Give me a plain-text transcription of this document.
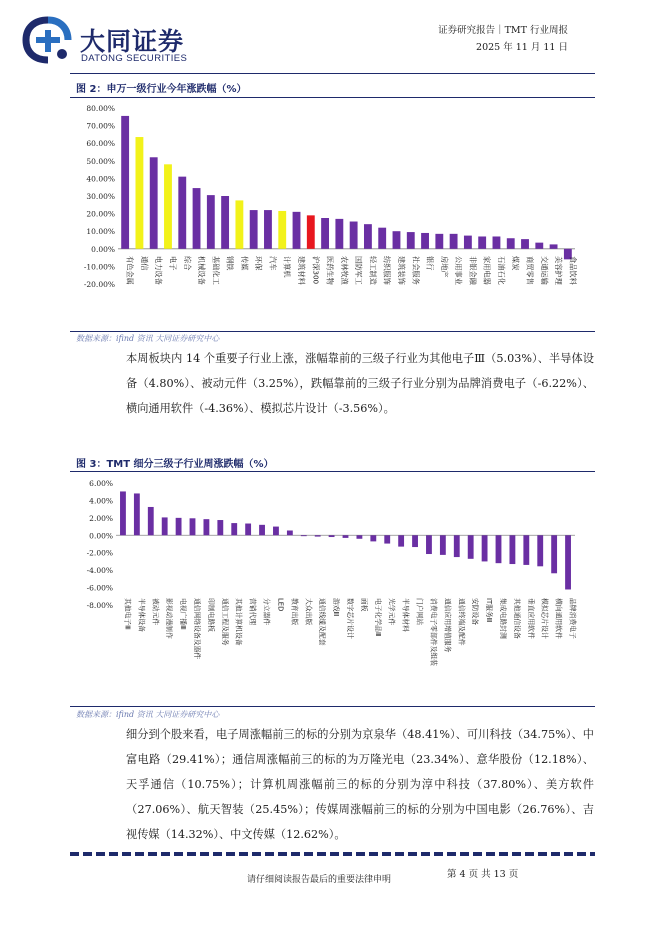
大同证券
DATONG SECURITIES
证券研究报告｜TMT 行业周报
2025 年 11 月 11 日
图 2：申万一级行业今年涨跌幅（%）
80.00%
70.00%
60.00%
50.00%
40.00%
30.00%
20.00%
10.00%
0.00%
-10.00%
-20.00% 有色金属 通信 电力设备 电子 综合 机械设备 基础化工 钢铁 传媒 环保 汽车 计算机 建筑材料 沪深300 医药生物 农林牧渔 国防军工 轻工制造 纺织服饰 建筑装饰 社会服务 银行 房地产 公用事业 非银金融 家用电器 石油石化 煤炭 商贸零售 交通运输 美容护理 食品饮料
数据来源：ifind 资讯 大同证券研究中心
本周板块内 14 个重要子行业上涨，涨幅靠前的三级子行业为其他电子Ⅲ（5.03%）、半导体设备（4.80%）、被动元件（3.25%），跌幅靠前的三级子行业分别为品牌消费电子（-6.22%）、横向通用软件（-4.36%）、模拟芯片设计（-3.56%）。
图 3：TMT 细分三级子行业周涨跌幅（%）
6.00%
4.00%
2.00%
0.00%
-2.00%
-4.00%
-6.00%
-8.00% 其他电子Ⅲ 半导体设备 被动元件 影视动漫制作 电视广播Ⅲ 通信网络设备及器件 印制电路板 通信工程及服务 其他计算机设备 营销代理 分立器件 LED 教育出版 大众出版 通信线缆及配套 游戏Ⅲ 数字芯片设计 面板 电子化学品Ⅲ 光学元件 半导体材料 门户网站 消费电子零部件及组装 通信应用增值服务 通信终端及配件 安防设备 IT服务Ⅲ 集成电路封测 其他通信设备 垂直应用软件 模拟芯片设计 横向通用软件 品牌消费电子
数据来源：ifind 资讯 大同证券研究中心
细分到个股来看，电子周涨幅前三的标的分别为京泉华（48.41%）、可川科技（34.75%）、中富电路（29.41%）；通信周涨幅前三的标的为万隆光电（23.34%）、意华股份（12.18%）、天孚通信（10.75%）；计算机周涨幅前三的标的分别为淳中科技（37.80%）、美方软件（27.06%）、航天智装（25.45%）；传媒周涨幅前三的标的分别为中国电影（26.76%）、吉视传媒（14.32%）、中文传媒（12.62%）。
请仔细阅读报告最后的重要法律申明	第 4 页 共 13 页
